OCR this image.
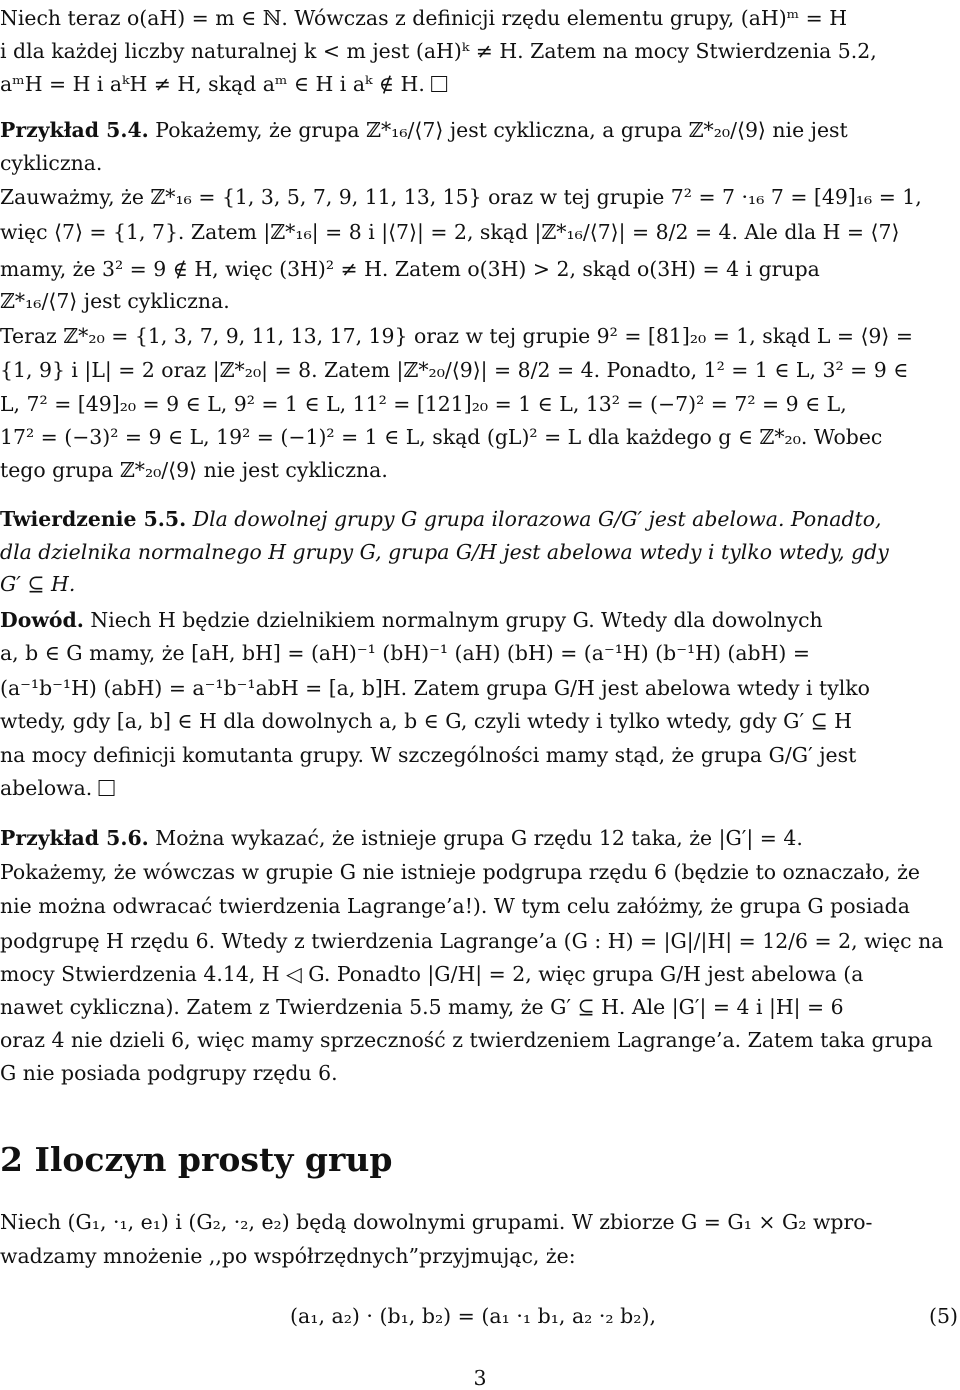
Niech teraz o(aH) = m ∈ ℕ. Wówczas z definicji rzędu elementu grupy, (aH)ᵐ = H
i dla każdej liczby naturalnej k < m jest (aH)ᵏ ≠ H. Zatem na mocy Stwierdzenia 5.2,
aᵐH = H i aᵏH ≠ H, skąd aᵐ ∈ H i aᵏ ∉ H.
Przykład 5.4. Pokażemy, że grupa ℤ*₁₆/⟨7⟩ jest cykliczna, a grupa ℤ*₂₀/⟨9⟩ nie jest
cykliczna.
Zauważmy, że ℤ*₁₆ = {1, 3, 5, 7, 9, 11, 13, 15} oraz w tej grupie 7² = 7 ·₁₆ 7 = [49]₁₆ = 1,
więc ⟨7⟩ = {1, 7}. Zatem |ℤ*₁₆| = 8 i |⟨7⟩| = 2, skąd |ℤ*₁₆/⟨7⟩| = 8/2 = 4. Ale dla H = ⟨7⟩
mamy, że 3² = 9 ∉ H, więc (3H)² ≠ H. Zatem o(3H) > 2, skąd o(3H) = 4 i grupa
ℤ*₁₆/⟨7⟩ jest cykliczna.
Teraz ℤ*₂₀ = {1, 3, 7, 9, 11, 13, 17, 19} oraz w tej grupie 9² = [81]₂₀ = 1, skąd L = ⟨9⟩ =
{1, 9} i |L| = 2 oraz |ℤ*₂₀| = 8. Zatem |ℤ*₂₀/⟨9⟩| = 8/2 = 4. Ponadto, 1² = 1 ∈ L, 3² = 9 ∈
L, 7² = [49]₂₀ = 9 ∈ L, 9² = 1 ∈ L, 11² = [121]₂₀ = 1 ∈ L, 13² = (−7)² = 7² = 9 ∈ L,
17² = (−3)² = 9 ∈ L, 19² = (−1)² = 1 ∈ L, skąd (gL)² = L dla każdego g ∈ ℤ*₂₀. Wobec
tego grupa ℤ*₂₀/⟨9⟩ nie jest cykliczna.
Twierdzenie 5.5. Dla dowolnej grupy G grupa ilorazowa G/G′ jest abelowa. Ponadto,
dla dzielnika normalnego H grupy G, grupa G/H jest abelowa wtedy i tylko wtedy, gdy
G′ ⊆ H.
Dowód. Niech H będzie dzielnikiem normalnym grupy G. Wtedy dla dowolnych
a, b ∈ G mamy, że [aH, bH] = (aH)⁻¹ (bH)⁻¹ (aH) (bH) = (a⁻¹H) (b⁻¹H) (abH) =
(a⁻¹b⁻¹H) (abH) = a⁻¹b⁻¹abH = [a, b]H. Zatem grupa G/H jest abelowa wtedy i tylko
wtedy, gdy [a, b] ∈ H dla dowolnych a, b ∈ G, czyli wtedy i tylko wtedy, gdy G′ ⊆ H
na mocy definicji komutanta grupy. W szczególności mamy stąd, że grupa G/G′ jest
abelowa.
Przykład 5.6. Można wykazać, że istnieje grupa G rzędu 12 taka, że |G′| = 4.
Pokażemy, że wówczas w grupie G nie istnieje podgrupa rzędu 6 (będzie to oznaczało, że
nie można odwracać twierdzenia Lagrange’a!). W tym celu załóżmy, że grupa G posiada
podgrupę H rzędu 6. Wtedy z twierdzenia Lagrange’a (G : H) = |G|/|H| = 12/6 = 2, więc na
mocy Stwierdzenia 4.14, H ◁ G. Ponadto |G/H| = 2, więc grupa G/H jest abelowa (a
nawet cykliczna). Zatem z Twierdzenia 5.5 mamy, że G′ ⊆ H. Ale |G′| = 4 i |H| = 6
oraz 4 nie dzieli 6, więc mamy sprzeczność z twierdzeniem Lagrange’a. Zatem taka grupa
G nie posiada podgrupy rzędu 6.
2 Iloczyn prosty grup
Niech (G₁, ·₁, e₁) i (G₂, ·₂, e₂) będą dowolnymi grupami. W zbiorze G = G₁ × G₂ wpro-
wadzamy mnożenie ,,po współrzędnych”przyjmując, że:
(a₁, a₂) · (b₁, b₂) = (a₁ ·₁ b₁, a₂ ·₂ b₂),	(5)
3
